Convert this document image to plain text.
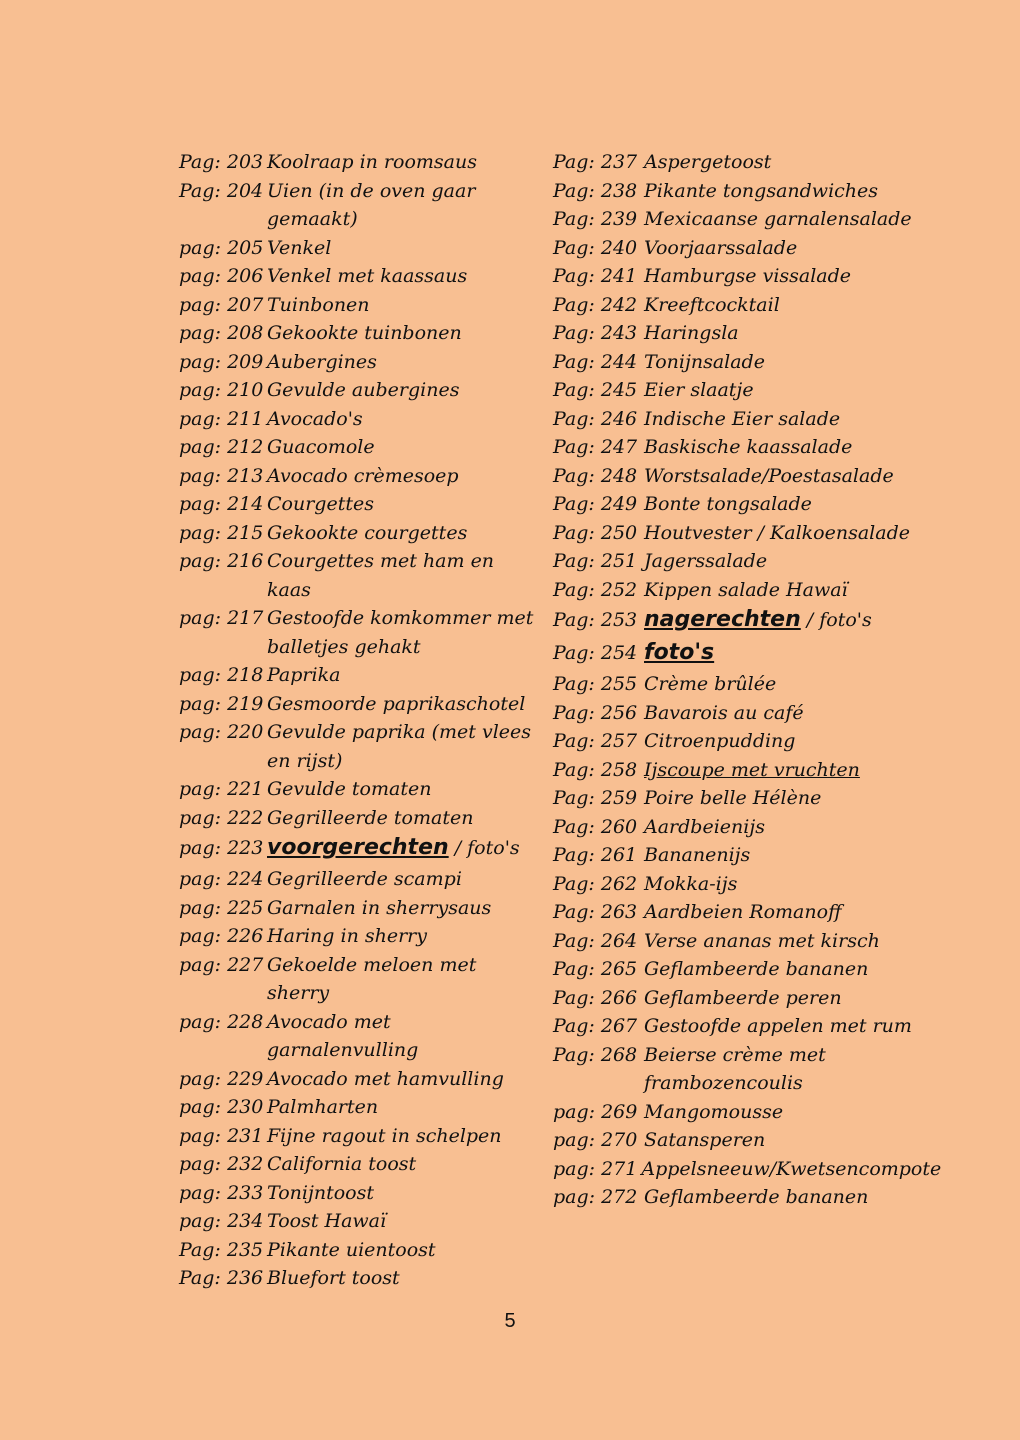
Pag: 203 Koolraap in roomsaus
Pag: 204 Uien (in de oven gaar gemaakt)
pag: 205 Venkel
pag: 206 Venkel met kaassaus
pag: 207 Tuinbonen
pag: 208 Gekookte tuinbonen
pag: 209 Aubergines
pag: 210 Gevulde aubergines
pag: 211 Avocado's
pag: 212 Guacomole
pag: 213 Avocado crèmesoep
pag: 214 Courgettes
pag: 215 Gekookte courgettes
pag: 216 Courgettes met ham en kaas
pag: 217 Gestoofde komkommer met balletjes gehakt
pag: 218 Paprika
pag: 219 Gesmoorde paprikaschotel
pag: 220 Gevulde paprika (met vlees en rijst)
pag: 221 Gevulde tomaten
pag: 222 Gegrilleerde tomaten
pag: 223 voorgerechten / foto's
pag: 224 Gegrilleerde scampi
pag: 225 Garnalen in sherrysaus
pag: 226 Haring in sherry
pag: 227 Gekoelde meloen met sherry
pag: 228 Avocado met garnalenvulling
pag: 229 Avocado met hamvulling
pag: 230 Palmharten
pag: 231 Fijne ragout in schelpen
pag: 232 California toost
pag: 233 Tonijntoost
pag: 234 Toost Hawaï
Pag: 235 Pikante uientoost
Pag: 236 Bluefort toost
Pag: 237 Aspergetoost
Pag: 238 Pikante tongsandwiches
Pag: 239 Mexicaanse garnalensalade
Pag: 240 Voorjaarssalade
Pag: 241 Hamburgse vissalade
Pag: 242 Kreeftcocktail
Pag: 243 Haringsla
Pag: 244 Tonijnsalade
Pag: 245 Eier slaatje
Pag: 246 Indische Eier salade
Pag: 247 Baskische kaassalade
Pag: 248 Worstsalade/Poestasalade
Pag: 249 Bonte tongsalade
Pag: 250 Houtvester / Kalkoensalade
Pag: 251 Jagerssalade
Pag: 252 Kippen salade Hawaï
Pag: 253 nagerechten / foto's
Pag: 254 foto's
Pag: 255 Crème brûlée
Pag: 256 Bavarois au café
Pag: 257 Citroenpudding
Pag: 258 Ijscoupe met vruchten
Pag: 259 Poire belle Hélène
Pag: 260 Aardbeienijs
Pag: 261 Bananenijs
Pag: 262 Mokka-ijs
Pag: 263 Aardbeien Romanoff
Pag: 264 Verse ananas met kirsch
Pag: 265 Geflambeerde bananen
Pag: 266 Geflambeerde peren
Pag: 267 Gestoofde appelen met rum
Pag: 268 Beierse crème met frambozencoulis
pag: 269 Mangomousse
pag: 270 Satansperen
pag: 271 Appelsneeuw/Kwetsencompote
pag: 272 Geflambeerde bananen
5
